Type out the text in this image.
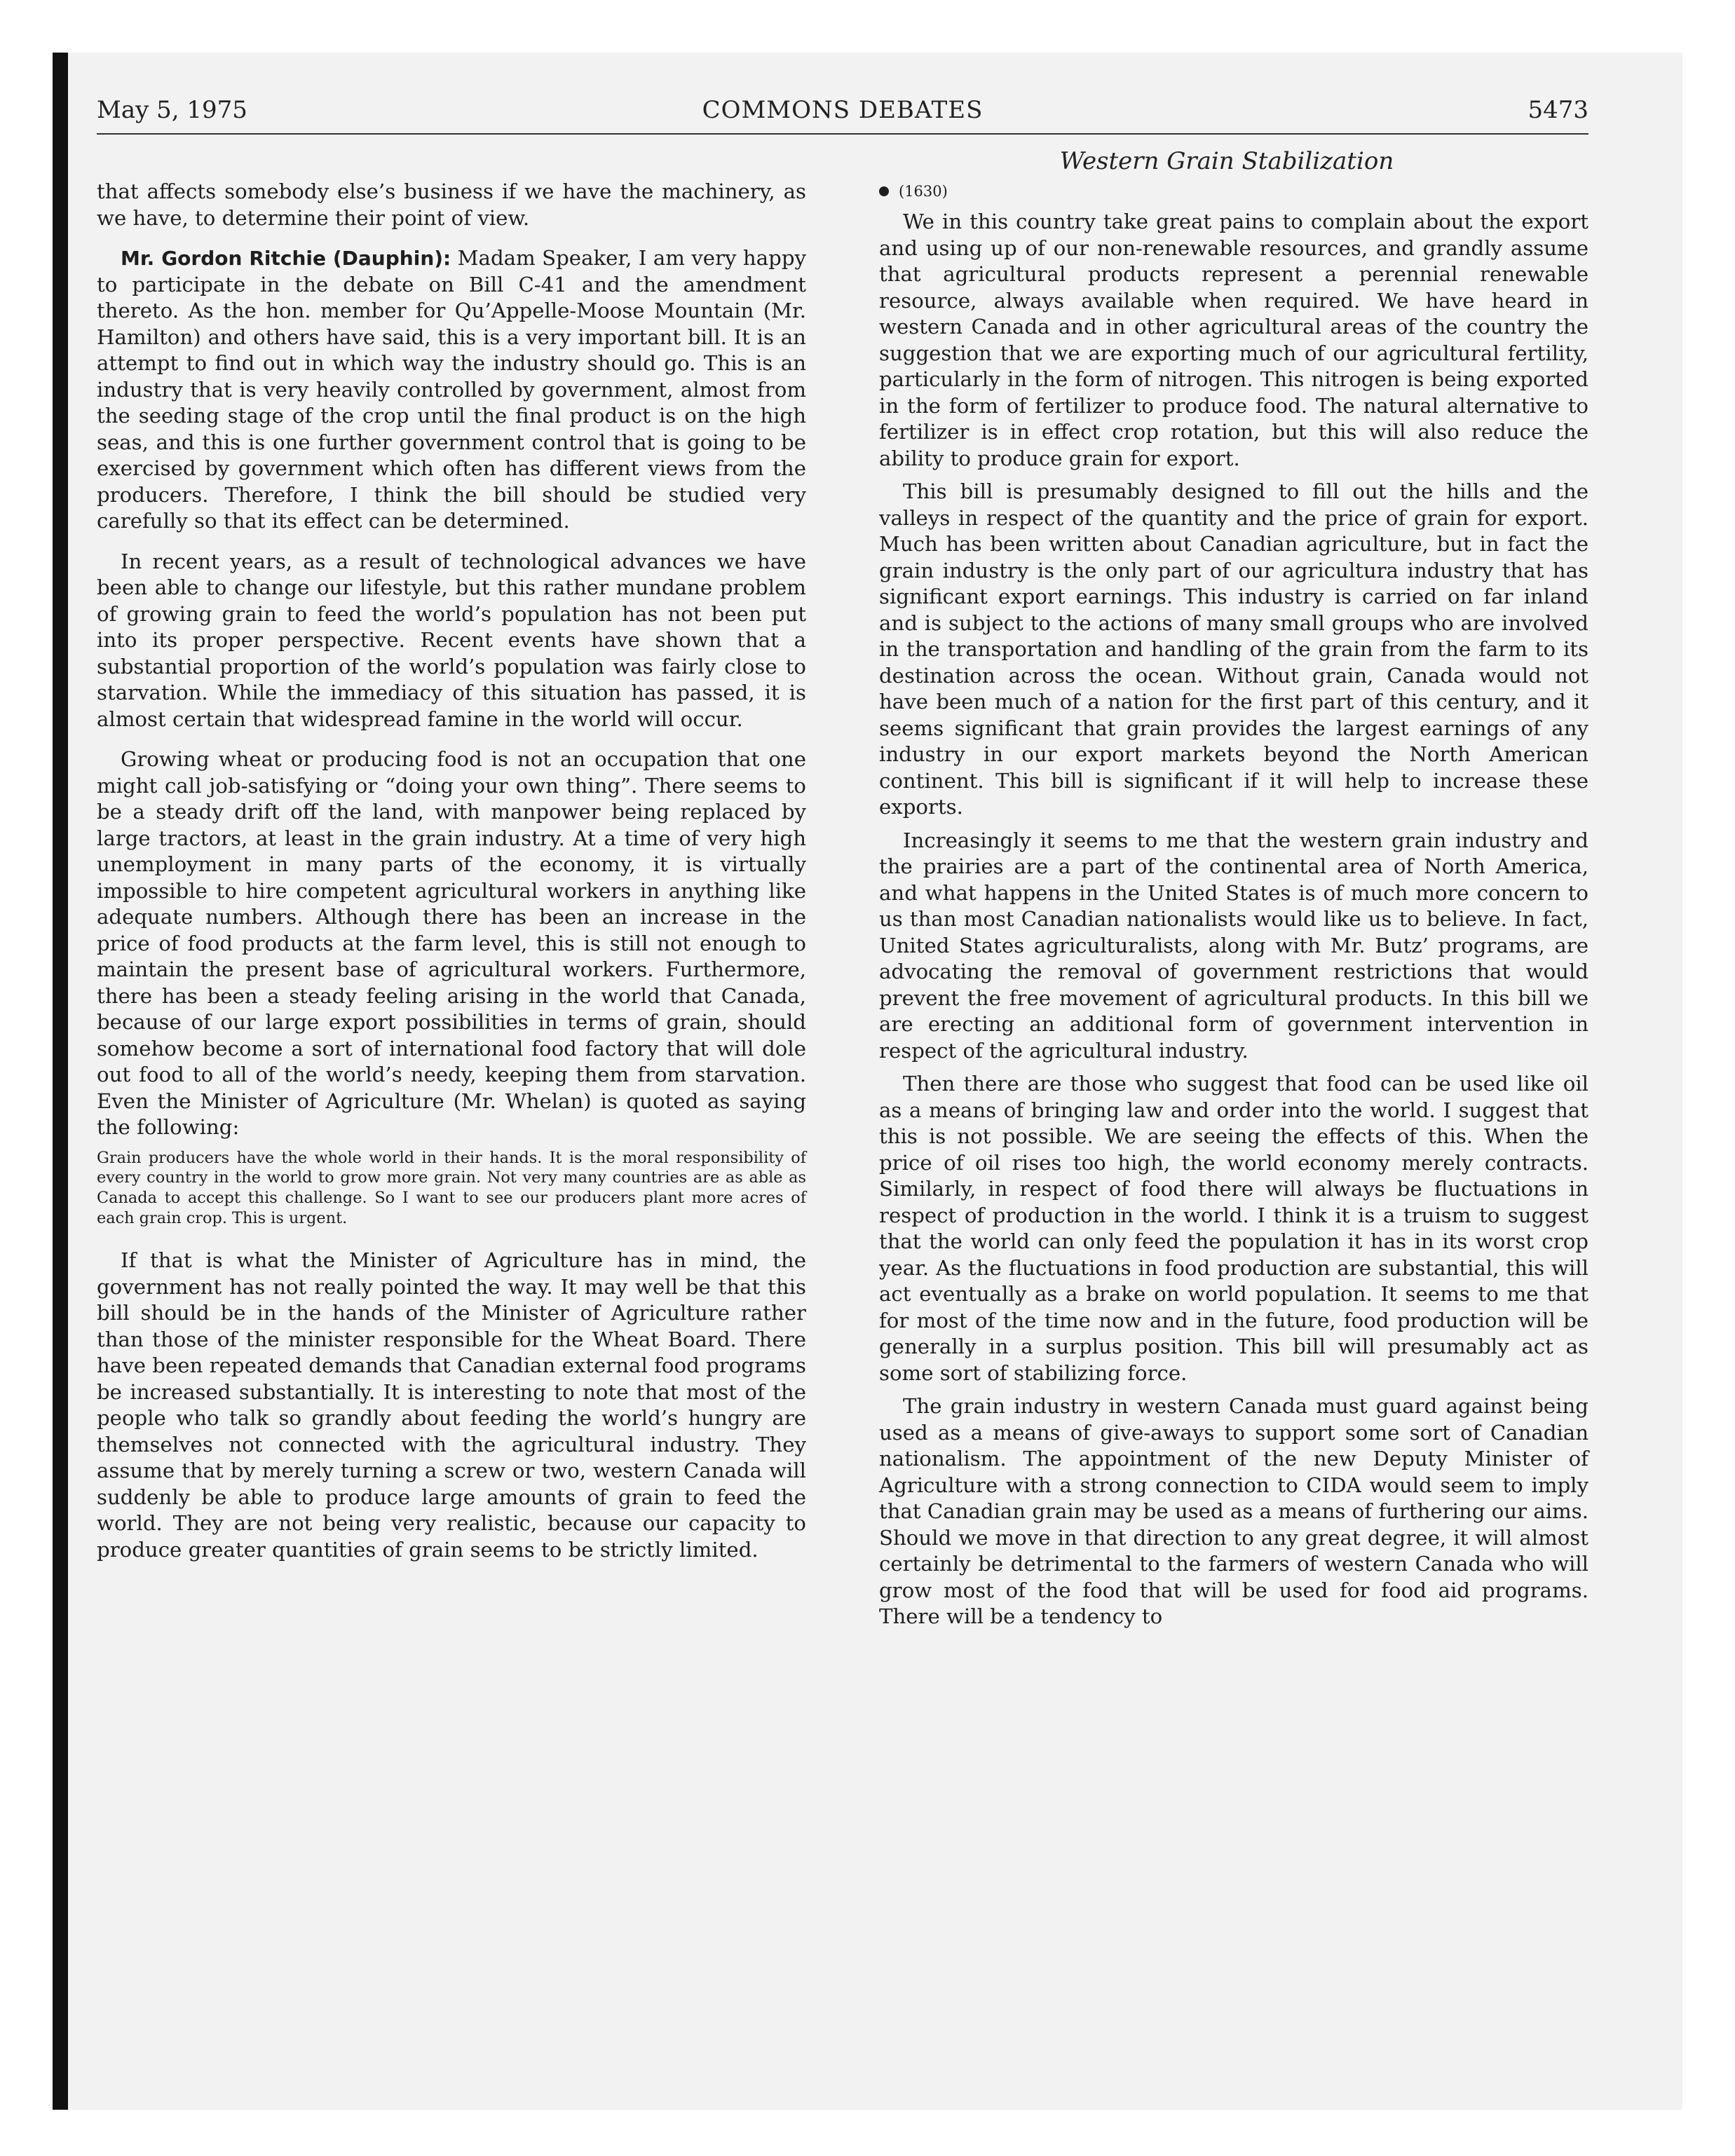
May 5, 1975	COMMONS DEBATES	5473
Western Grain Stabilization

that affects somebody else’s business if we have the machinery, as we have, to determine their point of view.

Mr. Gordon Ritchie (Dauphin): Madam Speaker, I am very happy to participate in the debate on Bill C-41 and the amendment thereto. As the hon. member for Qu’Appelle-Moose Mountain (Mr. Hamilton) and others have said, this is a very important bill. It is an attempt to find out in which way the industry should go. This is an industry that is very heavily controlled by government, almost from the seeding stage of the crop until the final product is on the high seas, and this is one further government control that is going to be exercised by government which often has different views from the producers. Therefore, I think the bill should be studied very carefully so that its effect can be determined.

In recent years, as a result of technological advances we have been able to change our lifestyle, but this rather mundane problem of growing grain to feed the world’s population has not been put into its proper perspective. Recent events have shown that a substantial proportion of the world’s population was fairly close to starvation. While the immediacy of this situation has passed, it is almost certain that widespread famine in the world will occur.

Growing wheat or producing food is not an occupation that one might call job-satisfying or “doing your own thing”. There seems to be a steady drift off the land, with manpower being replaced by large tractors, at least in the grain industry. At a time of very high unemployment in many parts of the economy, it is virtually impossible to hire competent agricultural workers in anything like adequate numbers. Although there has been an increase in the price of food products at the farm level, this is still not enough to maintain the present base of agricultural workers. Furthermore, there has been a steady feeling arising in the world that Canada, because of our large export possibilities in terms of grain, should somehow become a sort of international food factory that will dole out food to all of the world’s needy, keeping them from starvation. Even the Minister of Agriculture (Mr. Whelan) is quoted as saying the following:

Grain producers have the whole world in their hands. It is the moral responsibility of every country in the world to grow more grain. Not very many countries are as able as Canada to accept this challenge. So I want to see our producers plant more acres of each grain crop. This is urgent.

If that is what the Minister of Agriculture has in mind, the government has not really pointed the way. It may well be that this bill should be in the hands of the Minister of Agriculture rather than those of the minister responsible for the Wheat Board. There have been repeated demands that Canadian external food programs be increased substantially. It is interesting to note that most of the people who talk so grandly about feeding the world’s hungry are themselves not connected with the agricultural industry. They assume that by merely turning a screw or two, western Canada will suddenly be able to produce large amounts of grain to feed the world. They are not being very realistic, because our capacity to produce greater quantities of grain seems to be strictly limited.

(1630)

We in this country take great pains to complain about the export and using up of our non-renewable resources, and grandly assume that agricultural products represent a perennial renewable resource, always available when required. We have heard in western Canada and in other agricultural areas of the country the suggestion that we are exporting much of our agricultural fertility, particularly in the form of nitrogen. This nitrogen is being exported in the form of fertilizer to produce food. The natural alternative to fertilizer is in effect crop rotation, but this will also reduce the ability to produce grain for export.

This bill is presumably designed to fill out the hills and the valleys in respect of the quantity and the price of grain for export. Much has been written about Canadian agriculture, but in fact the grain industry is the only part of our agricultura industry that has significant export earnings. This industry is carried on far inland and is subject to the actions of many small groups who are involved in the transportation and handling of the grain from the farm to its destination across the ocean. Without grain, Canada would not have been much of a nation for the first part of this century, and it seems significant that grain provides the largest earnings of any industry in our export markets beyond the North American continent. This bill is significant if it will help to increase these exports.

Increasingly it seems to me that the western grain industry and the prairies are a part of the continental area of North America, and what happens in the United States is of much more concern to us than most Canadian nationalists would like us to believe. In fact, United States agriculturalists, along with Mr. Butz’ programs, are advocating the removal of government restrictions that would prevent the free movement of agricultural products. In this bill we are erecting an additional form of government intervention in respect of the agricultural industry.

Then there are those who suggest that food can be used like oil as a means of bringing law and order into the world. I suggest that this is not possible. We are seeing the effects of this. When the price of oil rises too high, the world economy merely contracts. Similarly, in respect of food there will always be fluctuations in respect of production in the world. I think it is a truism to suggest that the world can only feed the population it has in its worst crop year. As the fluctuations in food production are substantial, this will act eventually as a brake on world population. It seems to me that for most of the time now and in the future, food production will be generally in a surplus position. This bill will presumably act as some sort of stabilizing force.

The grain industry in western Canada must guard against being used as a means of give-aways to support some sort of Canadian nationalism. The appointment of the new Deputy Minister of Agriculture with a strong connection to CIDA would seem to imply that Canadian grain may be used as a means of furthering our aims. Should we move in that direction to any great degree, it will almost certainly be detrimental to the farmers of western Canada who will grow most of the food that will be used for food aid programs. There will be a tendency to
